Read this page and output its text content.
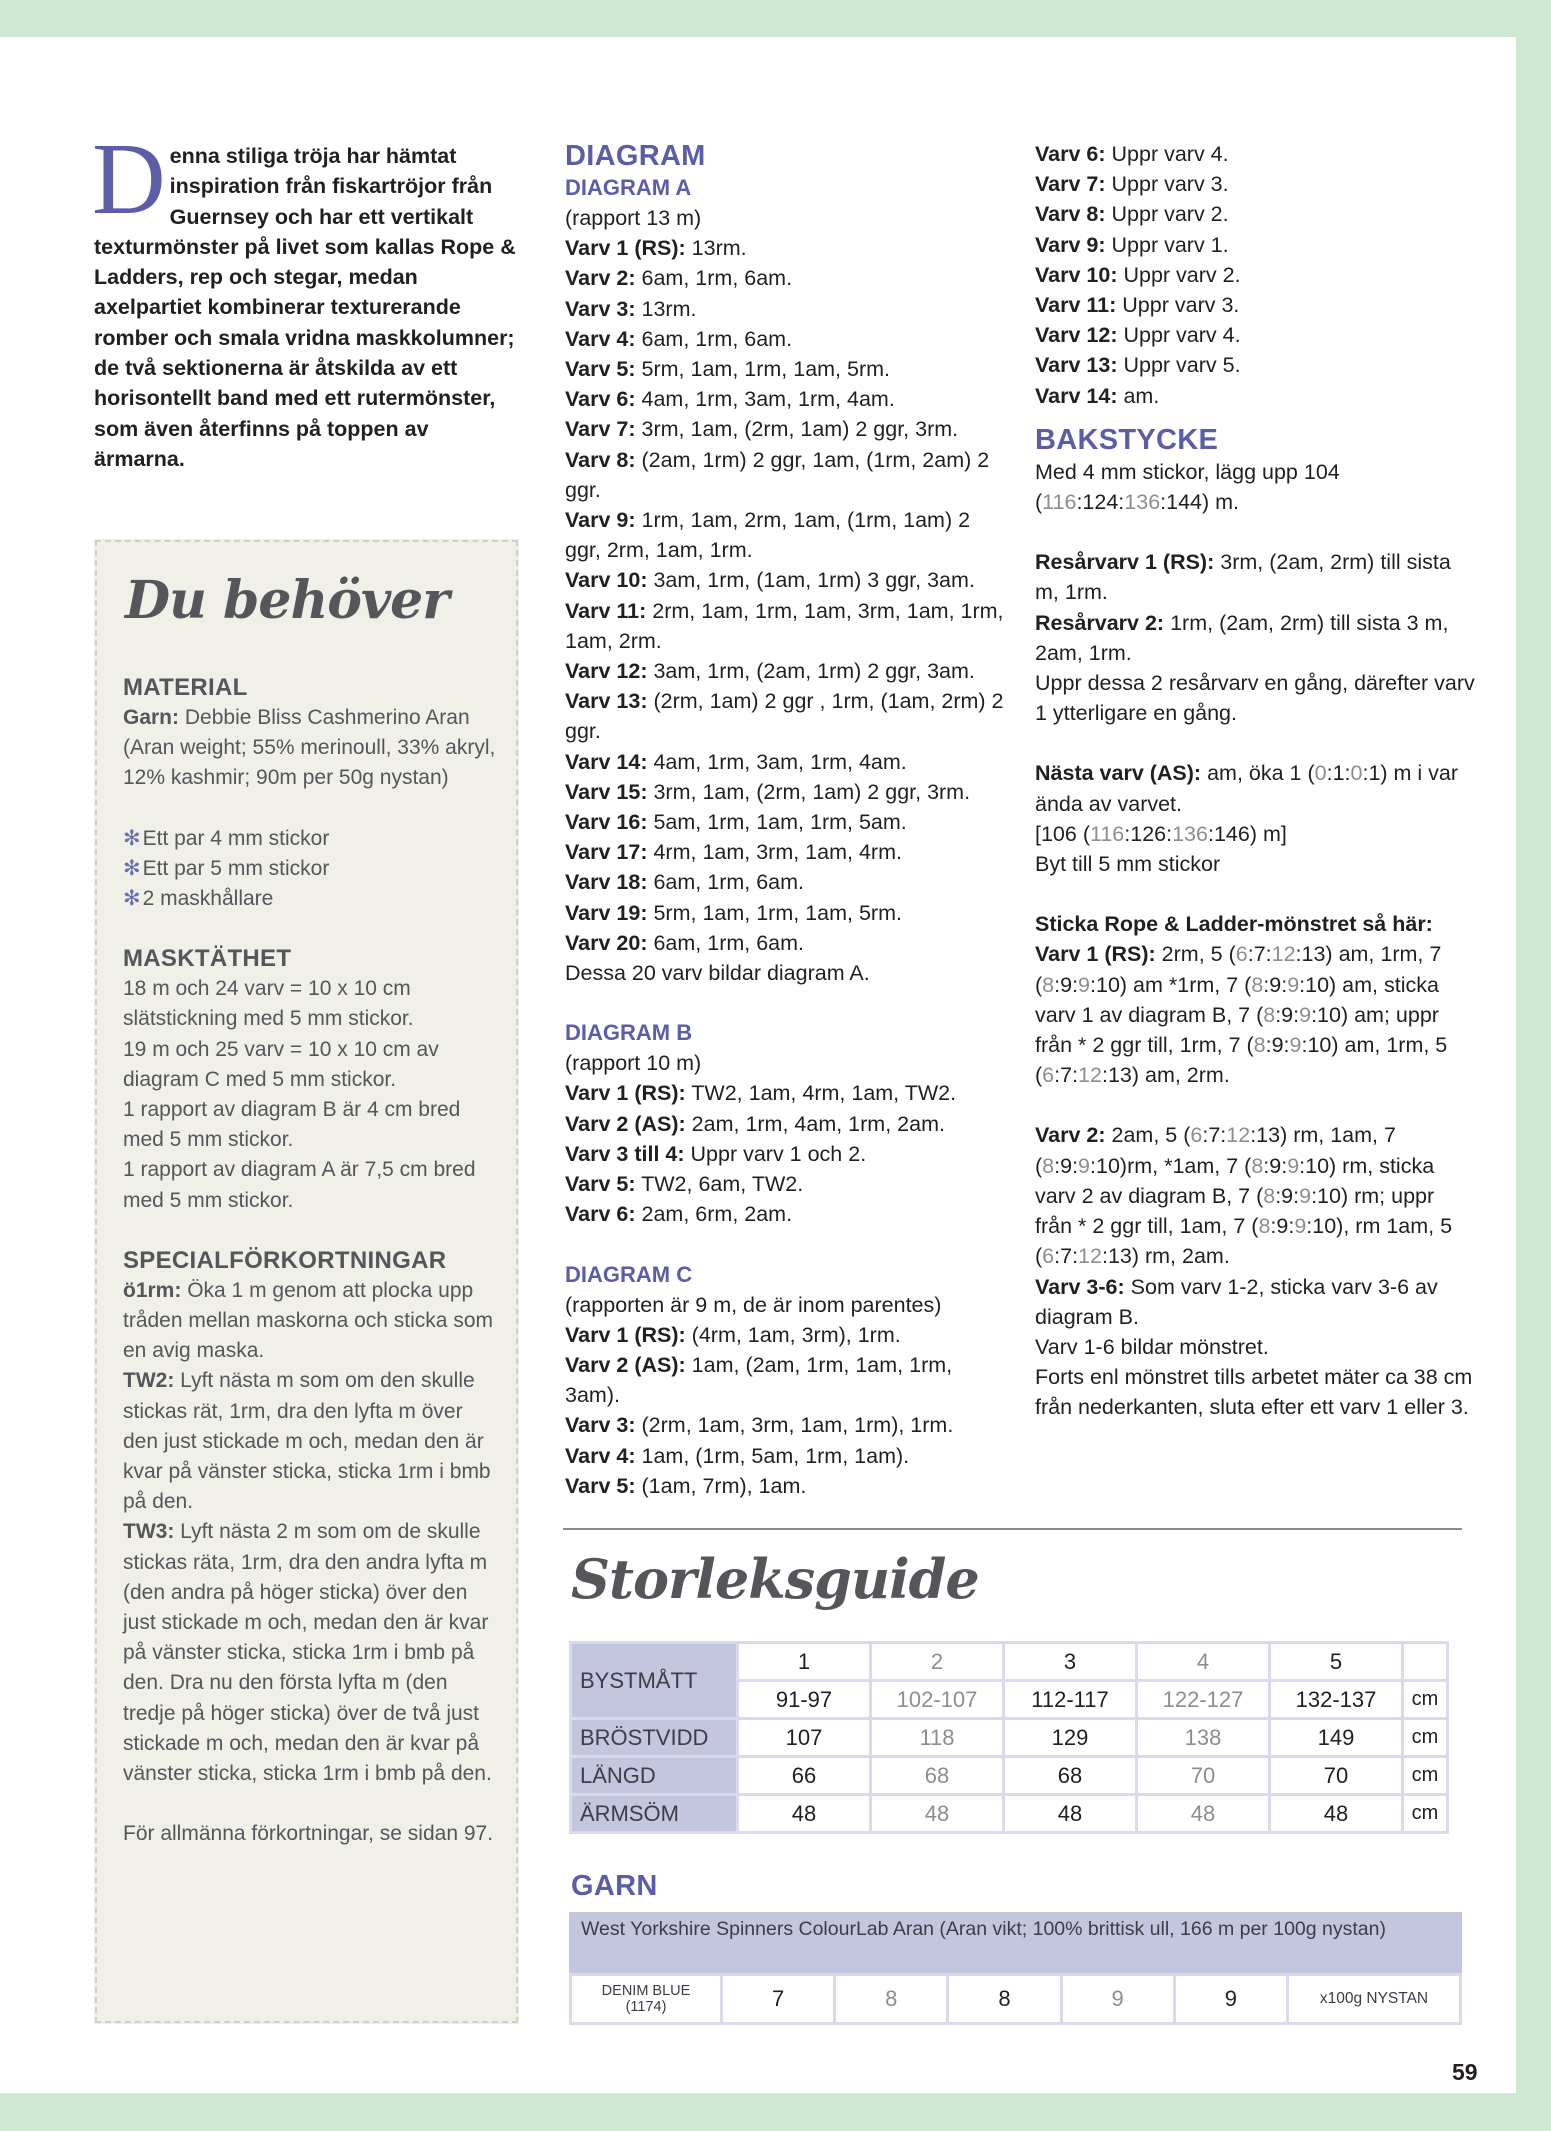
Denna stiliga tröja har hämtat inspiration från fiskartröjor från Guernsey och har ett vertikalt texturmönster på livet som kallas Rope & Ladders, rep och stegar, medan axelpartiet kombinerar texturerande romber och smala vridna maskkolumner; de två sektionerna är åtskilda av ett horisontellt band med ett rutermönster, som även återfinns på toppen av ärmarna.
Du behöver
MATERIAL

Garn: Debbie Bliss Cashmerino Aran (Aran weight; 55% merinoull, 33% akryl, 12% kashmir; 90m per 50g nystan)

✻Ett par 4 mm stickor

✻Ett par 5 mm stickor

✻2 maskhållare

MASKTÄTHET

18 m och 24 varv = 10 x 10 cm slätstickning med 5 mm stickor.

19 m och 25 varv = 10 x 10 cm av diagram C med 5 mm stickor.

1 rapport av diagram B är 4 cm bred med 5 mm stickor.

1 rapport av diagram A är 7,5 cm bred med 5 mm stickor.

SPECIALFÖRKORTNINGAR

ö1rm: Öka 1 m genom att plocka upp tråden mellan maskorna och sticka som en avig maska.

TW2: Lyft nästa m som om den skulle stickas rät, 1rm, dra den lyfta m över den just stickade m och, medan den är kvar på vänster sticka, sticka 1rm i bmb på den.

TW3: Lyft nästa 2 m som om de skulle stickas räta, 1rm, dra den andra lyfta m (den andra på höger sticka) över den just stickade m och, medan den är kvar på vänster sticka, sticka 1rm i bmb på den. Dra nu den första lyfta m (den tredje på höger sticka) över de två just stickade m och, medan den är kvar på vänster sticka, sticka 1rm i bmb på den.

För allmänna förkortningar, se sidan 97.

DIAGRAM
DIAGRAM A

(rapport 13 m)

Varv 1 (RS): 13rm.

Varv 2: 6am, 1rm, 6am.

Varv 3: 13rm.

Varv 4: 6am, 1rm, 6am.

Varv 5: 5rm, 1am, 1rm, 1am, 5rm.

Varv 6: 4am, 1rm, 3am, 1rm, 4am.

Varv 7: 3rm, 1am, (2rm, 1am) 2 ggr, 3rm.

Varv 8: (2am, 1rm) 2 ggr, 1am, (1rm, 2am) 2 ggr.

Varv 9: 1rm, 1am, 2rm, 1am, (1rm, 1am) 2 ggr, 2rm, 1am, 1rm.

Varv 10: 3am, 1rm, (1am, 1rm) 3 ggr, 3am.

Varv 11: 2rm, 1am, 1rm, 1am, 3rm, 1am, 1rm, 1am, 2rm.

Varv 12: 3am, 1rm, (2am, 1rm) 2 ggr, 3am.

Varv 13: (2rm, 1am) 2 ggr , 1rm, (1am, 2rm) 2 ggr.

Varv 14: 4am, 1rm, 3am, 1rm, 4am.

Varv 15: 3rm, 1am, (2rm, 1am) 2 ggr, 3rm.

Varv 16: 5am, 1rm, 1am, 1rm, 5am.

Varv 17: 4rm, 1am, 3rm, 1am, 4rm.

Varv 18: 6am, 1rm, 6am.

Varv 19: 5rm, 1am, 1rm, 1am, 5rm.

Varv 20: 6am, 1rm, 6am.

Dessa 20 varv bildar diagram A.

DIAGRAM B

(rapport 10 m)

Varv 1 (RS): TW2, 1am, 4rm, 1am, TW2.

Varv 2 (AS): 2am, 1rm, 4am, 1rm, 2am.

Varv 3 till 4: Uppr varv 1 och 2.

Varv 5: TW2, 6am, TW2.

Varv 6: 2am, 6rm, 2am.

DIAGRAM C

(rapporten är 9 m, de är inom parentes)

Varv 1 (RS): (4rm, 1am, 3rm), 1rm.

Varv 2 (AS): 1am, (2am, 1rm, 1am, 1rm, 3am).

Varv 3: (2rm, 1am, 3rm, 1am, 1rm), 1rm.

Varv 4: 1am, (1rm, 5am, 1rm, 1am).

Varv 5: (1am, 7rm), 1am.

Varv 6: Uppr varv 4.

Varv 7: Uppr varv 3.

Varv 8: Uppr varv 2.

Varv 9: Uppr varv 1.

Varv 10: Uppr varv 2.

Varv 11: Uppr varv 3.

Varv 12: Uppr varv 4.

Varv 13: Uppr varv 5.

Varv 14: am.

BAKSTYCKE

Med 4 mm stickor, lägg upp 104 (116:124:136:144) m.

Resårvarv 1 (RS): 3rm, (2am, 2rm) till sista m, 1rm.

Resårvarv 2: 1rm, (2am, 2rm) till sista 3 m, 2am, 1rm.

Uppr dessa 2 resårvarv en gång, därefter varv 1 ytterligare en gång.

Nästa varv (AS): am, öka 1 (0:1:0:1) m i var ända av varvet.

[106 (116:126:136:146) m]

Byt till 5 mm stickor

Sticka Rope & Ladder-mönstret så här:

Varv 1 (RS): 2rm, 5 (6:7:12:13) am, 1rm, 7 (8:9:9:10) am *1rm, 7 (8:9:9:10) am, sticka varv 1 av diagram B, 7 (8:9:9:10) am; uppr från * 2 ggr till, 1rm, 7 (8:9:9:10) am, 1rm, 5 (6:7:12:13) am, 2rm.

Varv 2: 2am, 5 (6:7:12:13) rm, 1am, 7 (8:9:9:10)rm, *1am, 7 (8:9:9:10) rm, sticka varv 2 av diagram B, 7 (8:9:9:10) rm; uppr från * 2 ggr till, 1am, 7 (8:9:9:10), rm 1am, 5 (6:7:12:13) rm, 2am.

Varv 3-6: Som varv 1-2, sticka varv 3-6 av diagram B.

Varv 1-6 bildar mönstret.

Forts enl mönstret tills arbetet mäter ca 38 cm från nederkanten, sluta efter ett varv 1 eller 3.

Storleksguide
BYSTMÅTT	1	2	3	4	5	
	91-97	102-107	112-117	122-127	132-137	cm
BRÖSTVIDD	107	118	129	138	149	cm
LÄNGD	66	68	68	70	70	cm
ÄRMSÖM	48	48	48	48	48	cm
GARN
West Yorkshire Spinners ColourLab Aran (Aran vikt; 100% brittisk ull, 166 m per 100g nystan)
DENIM BLUE
(1174)	7	8	8	9	9	x100g NYSTAN
59
